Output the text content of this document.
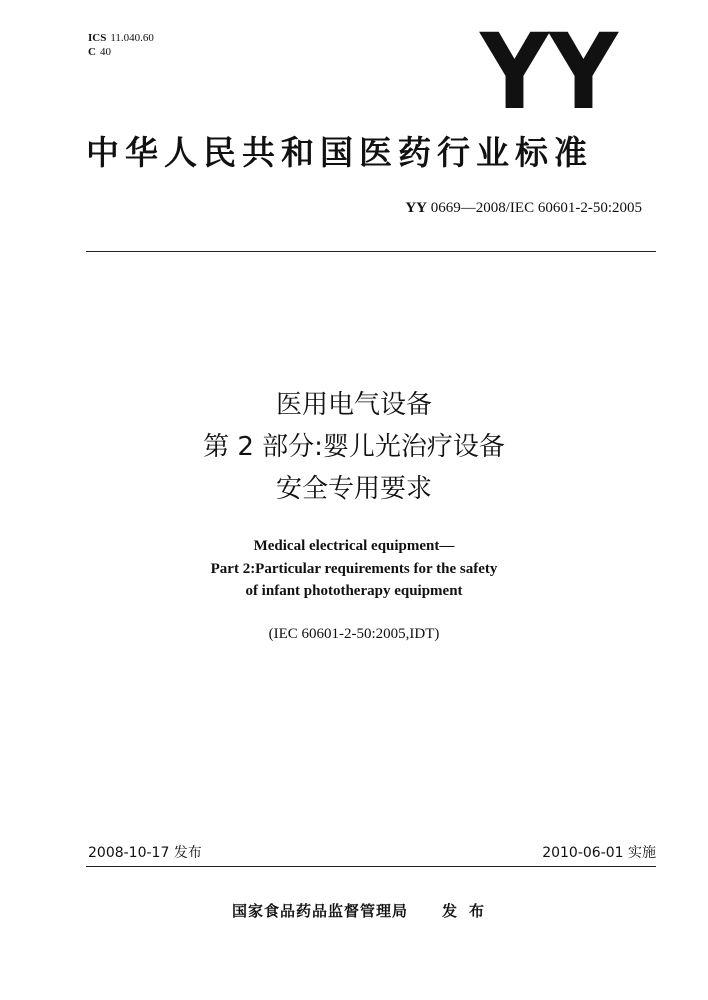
ICS 11.040.60
C 40	YY
中华人民共和国医药行业标准
YY 0669—2008/IEC 60601-2-50:2005
医用电气设备
第 2 部分:婴儿光治疗设备
安全专用要求
Medical electrical equipment—
Part 2:Particular requirements for the safety
of infant phototherapy equipment
(IEC 60601-2-50:2005,IDT)
2008-10-17 发布	2010-06-01 实施
国家食品药品监督管理局 发布
